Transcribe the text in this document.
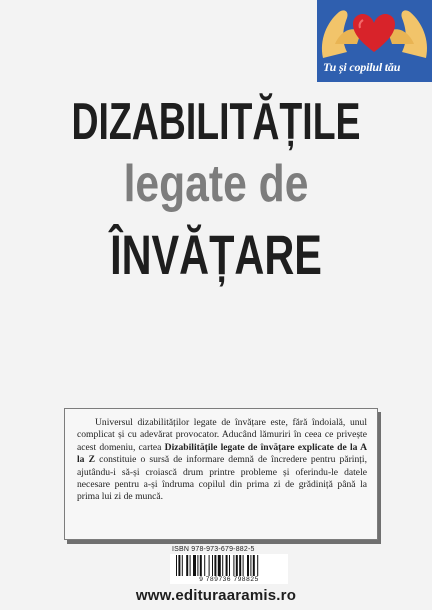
Tu și copilul tău
DIZABILITĂȚILE
legate de
ÎNVĂȚARE
Universul dizabilităților legate de învățare este, fără îndoială, unul complicat și cu adevărat provocator. Aducând lămuriri în ceea ce privește acest domeniu, cartea Dizabilitățile legate de învățare explicate de la A la Z constituie o sursă de informare demnă de încredere pentru părinți, ajutându-i să-și croiască drum printre probleme și oferindu-le datele necesare pentru a-și îndruma copilul din prima zi de grădiniță până la prima lui zi de muncă.
ISBN 978-973-679-882-5
9 789736 798825
www.edituraaramis.ro
